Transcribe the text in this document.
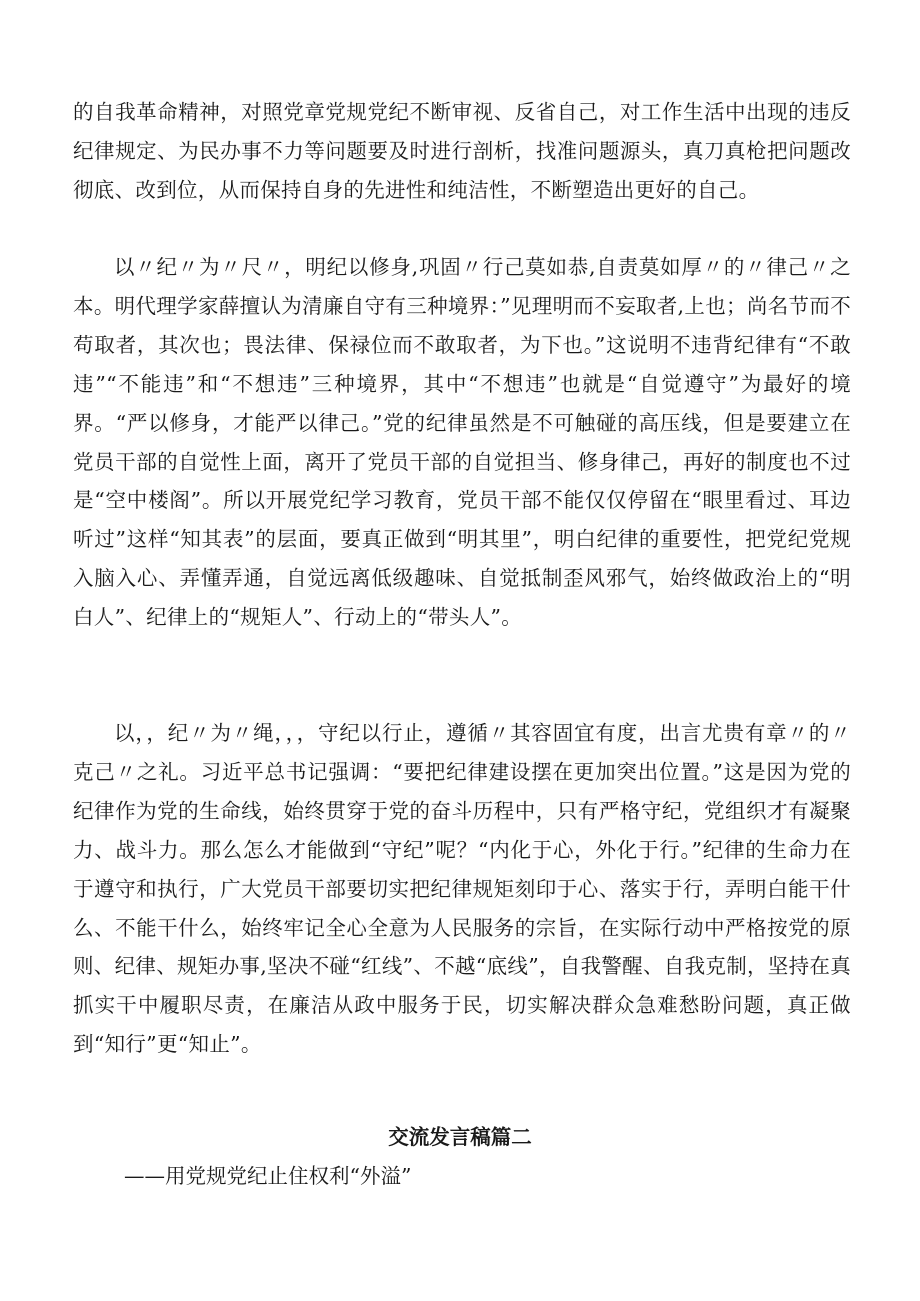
的自我革命精神，对照党章党规党纪不断审视、反省自己，对工作生活中出现的违反纪律规定、为民办事不力等问题要及时进行剖析，找准问题源头，真刀真枪把问题改彻底、改到位，从而保持自身的先进性和纯洁性，不断塑造出更好的自己。

以〃纪〃为〃尺〃，明纪以修身,巩固〃行己莫如恭,自责莫如厚〃的〃律己〃之本。明代理学家薛擅认为清廉自守有三种境界：”见理明而不妄取者,上也；尚名节而不苟取者，其次也；畏法律、保禄位而不敢取者，为下也。”这说明不违背纪律有“不敢违”“不能违”和“不想违”三种境界，其中“不想违”也就是“自觉遵守”为最好的境界。“严以修身，才能严以律己。”党的纪律虽然是不可触碰的高压线，但是要建立在党员干部的自觉性上面，离开了党员干部的自觉担当、修身律己，再好的制度也不过是“空中楼阁”。所以开展党纪学习教育，党员干部不能仅仅停留在“眼里看过、耳边听过”这样“知其表”的层面，要真正做到“明其里”，明白纪律的重要性，把党纪党规入脑入心、弄懂弄通，自觉远离低级趣味、自觉抵制歪风邪气，始终做政治上的“明白人”、纪律上的“规矩人”、行动上的“带头人”。

以，，纪〃为〃绳，，，守纪以行止，遵循〃其容固宜有度，出言尤贵有章〃的〃克己〃之礼。习近平总书记强调：“要把纪律建设摆在更加突出位置。”这是因为党的纪律作为党的生命线，始终贯穿于党的奋斗历程中，只有严格守纪，党组织才有凝聚力、战斗力。那么怎么才能做到“守纪”呢？“内化于心，外化于行。”纪律的生命力在于遵守和执行，广大党员干部要切实把纪律规矩刻印于心、落实于行，弄明白能干什么、不能干什么，始终牢记全心全意为人民服务的宗旨，在实际行动中严格按党的原则、纪律、规矩办事,坚决不碰“红线”、不越“底线”，自我警醒、自我克制，坚持在真抓实干中履职尽责，在廉洁从政中服务于民，切实解决群众急难愁盼问题，真正做到“知行”更“知止”。

交流发言稿篇二

——用党规党纪止住权利“外溢”
